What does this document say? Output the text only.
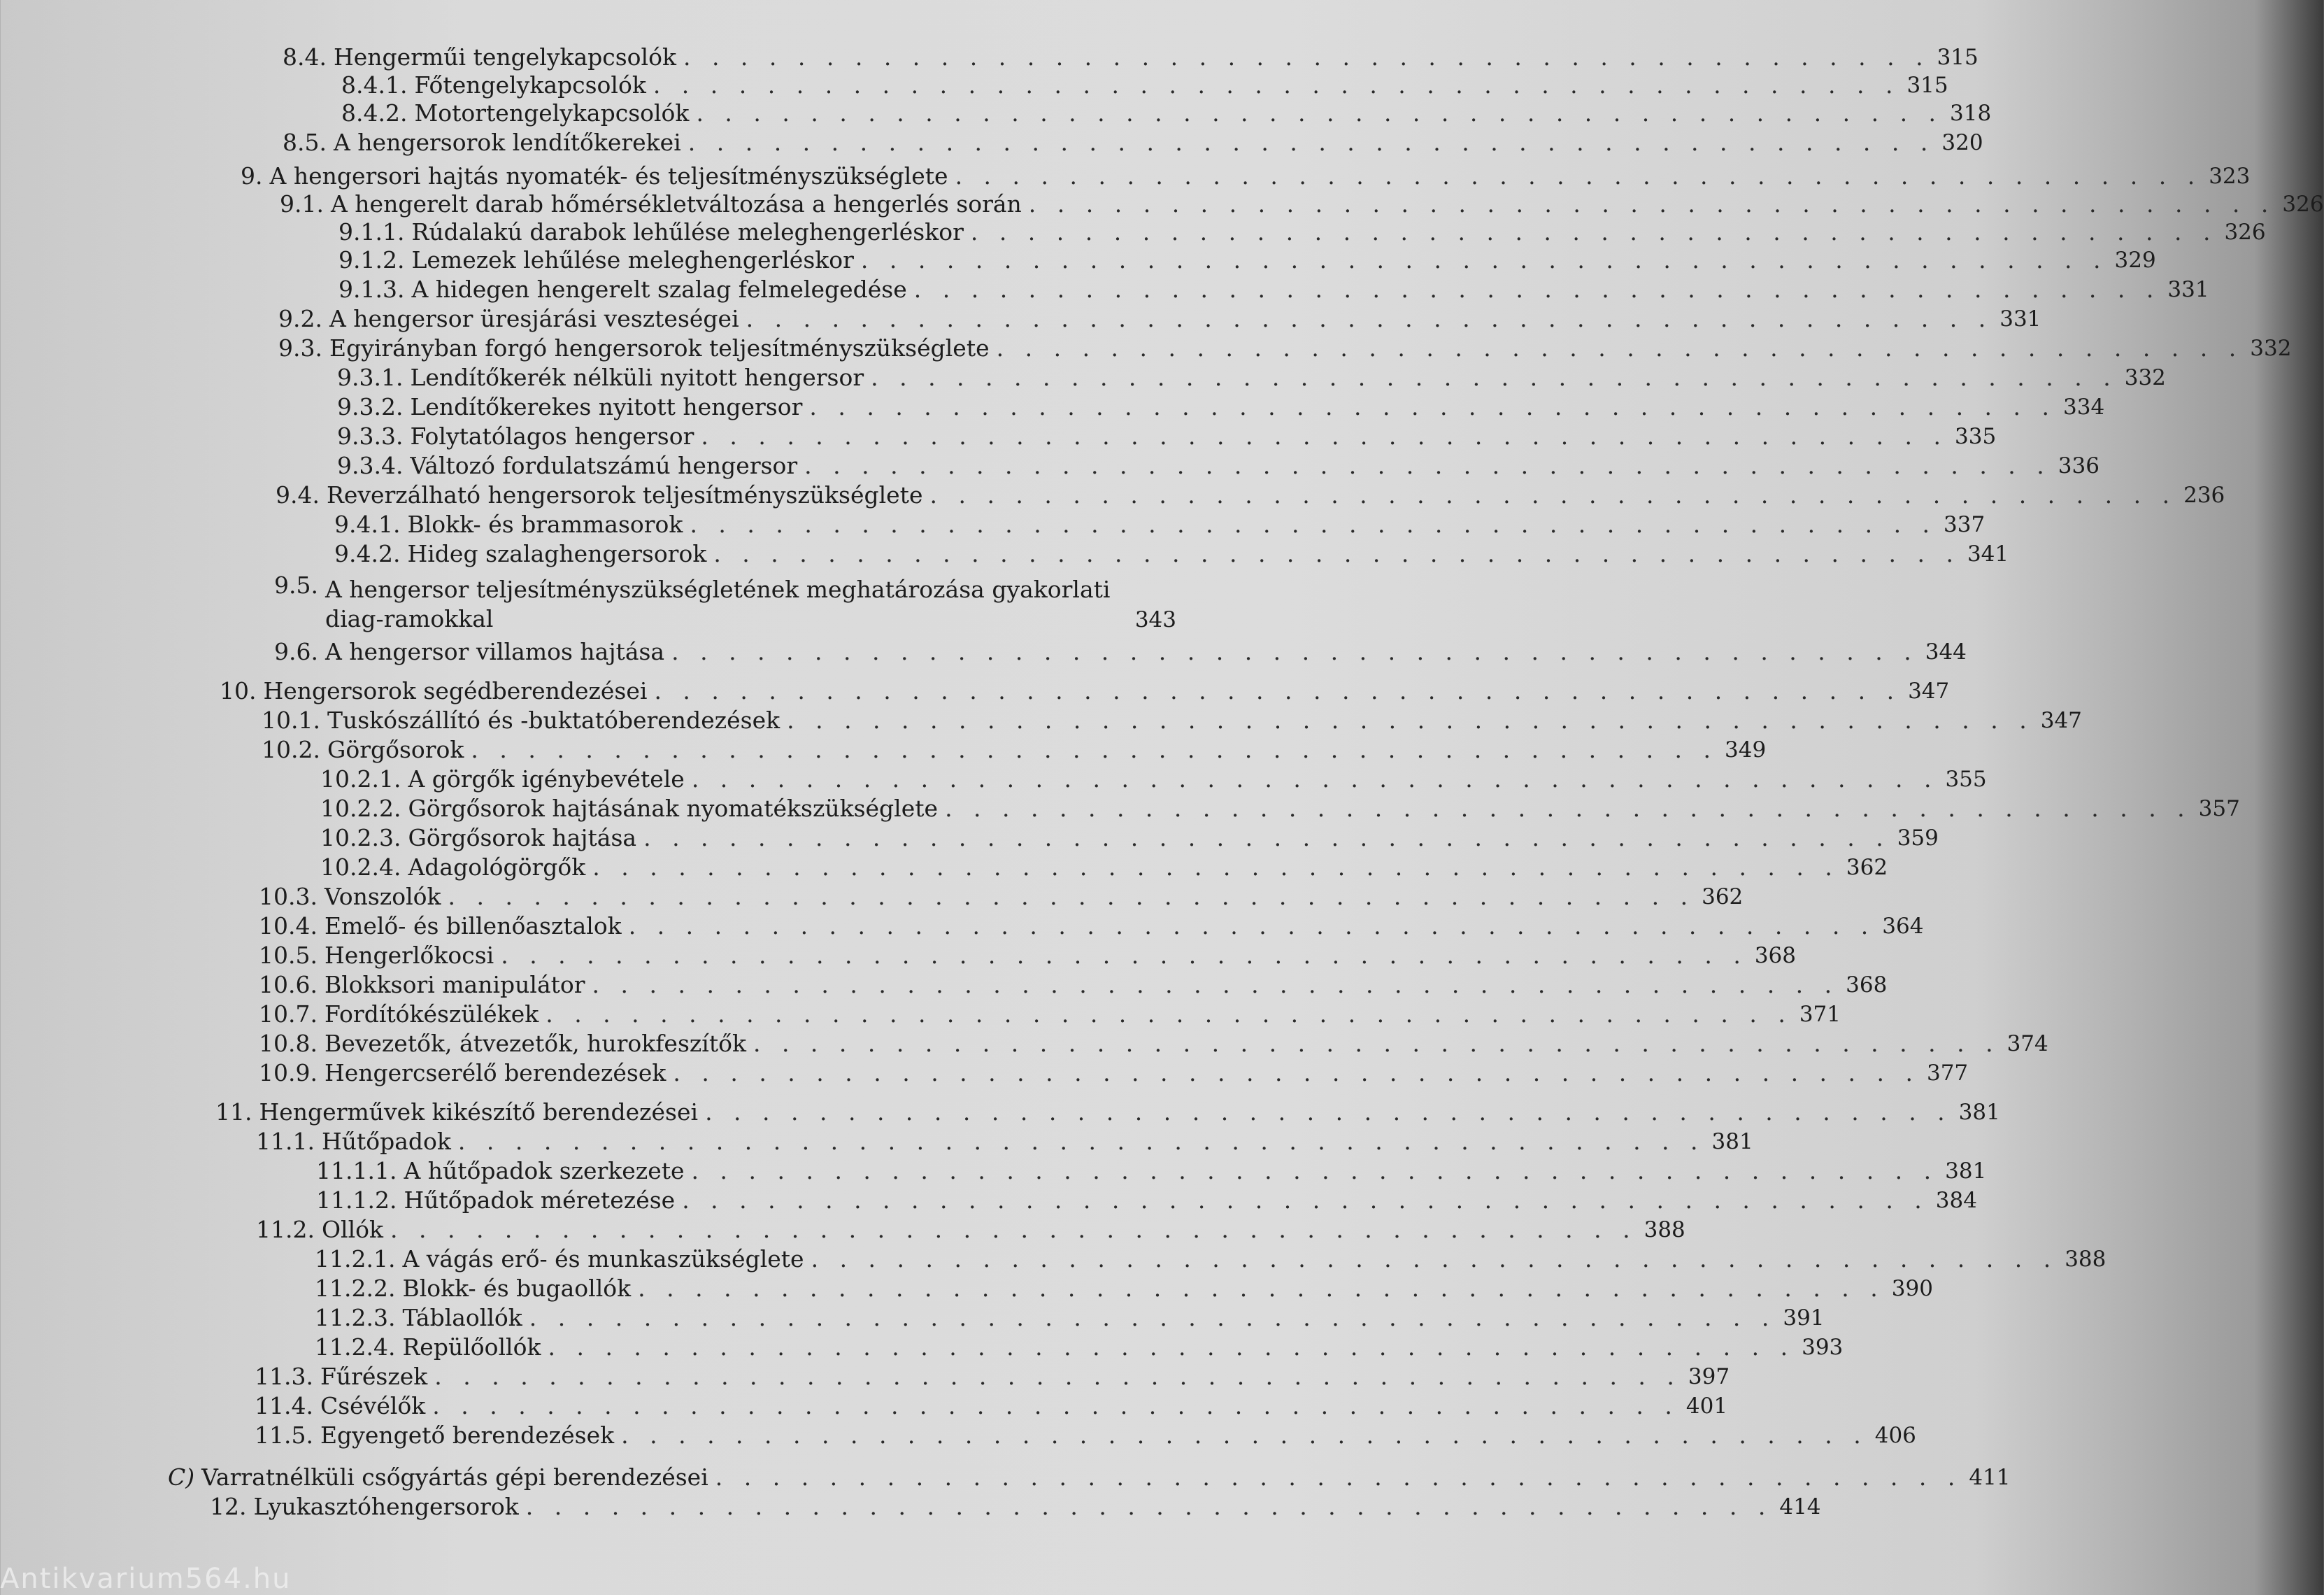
8.4. Hengerműi tengelykapcsolók . . . . . . . . . . . . . . . . . . . . . . . . . . . . . . . . . . . . . . . . . . . . 315
8.4.1. Főtengelykapcsolók . . . . . . . . . . . . . . . . . . . . . . . . . . . . . . . . . . . . . . . . . . . . 315
8.4.2. Motortengelykapcsolók . . . . . . . . . . . . . . . . . . . . . . . . . . . . . . . . . . . . . . . . . . . . 318
8.5. A hengersorok lendítőkerekei . . . . . . . . . . . . . . . . . . . . . . . . . . . . . . . . . . . . . . . . . . . . 320
9. A hengersori hajtás nyomaték- és teljesítményszükséglete . . . . . . . . . . . . . . . . . . . . . . . . . . . . . . . . . . . . . . . . . . . . 323
9.1. A hengerelt darab hőmérsékletváltozása a hengerlés során . . . . . . . . . . . . . . . . . . . . . . . . . . . . . . . . . . . . . . . . . . . . 326
9.1.1. Rúdalakú darabok lehűlése meleghengerléskor . . . . . . . . . . . . . . . . . . . . . . . . . . . . . . . . . . . . . . . . . . . . 326
9.1.2. Lemezek lehűlése meleghengerléskor . . . . . . . . . . . . . . . . . . . . . . . . . . . . . . . . . . . . . . . . . . . . 329
9.1.3. A hidegen hengerelt szalag felmelegedése . . . . . . . . . . . . . . . . . . . . . . . . . . . . . . . . . . . . . . . . . . . . 331
9.2. A hengersor üresjárási veszteségei . . . . . . . . . . . . . . . . . . . . . . . . . . . . . . . . . . . . . . . . . . . . 331
9.3. Egyirányban forgó hengersorok teljesítményszükséglete . . . . . . . . . . . . . . . . . . . . . . . . . . . . . . . . . . . . . . . . . . . . 332
9.3.1. Lendítőkerék nélküli nyitott hengersor . . . . . . . . . . . . . . . . . . . . . . . . . . . . . . . . . . . . . . . . . . . . 332
9.3.2. Lendítőkerekes nyitott hengersor . . . . . . . . . . . . . . . . . . . . . . . . . . . . . . . . . . . . . . . . . . . . 334
9.3.3. Folytatólagos hengersor . . . . . . . . . . . . . . . . . . . . . . . . . . . . . . . . . . . . . . . . . . . . 335
9.3.4. Változó fordulatszámú hengersor . . . . . . . . . . . . . . . . . . . . . . . . . . . . . . . . . . . . . . . . . . . . 336
9.4. Reverzálható hengersorok teljesítményszükséglete . . . . . . . . . . . . . . . . . . . . . . . . . . . . . . . . . . . . . . . . . . . . 236
9.4.1. Blokk- és brammasorok . . . . . . . . . . . . . . . . . . . . . . . . . . . . . . . . . . . . . . . . . . . . 337
9.4.2. Hideg szalaghengersorok . . . . . . . . . . . . . . . . . . . . . . . . . . . . . . . . . . . . . . . . . . . . 341
9.5. A hengersor teljesítményszükségletének meghatározása gyakorlati diag-ramokkal	343
9.6. A hengersor villamos hajtása . . . . . . . . . . . . . . . . . . . . . . . . . . . . . . . . . . . . . . . . . . . . 344
10. Hengersorok segédberendezései . . . . . . . . . . . . . . . . . . . . . . . . . . . . . . . . . . . . . . . . . . . . 347
10.1. Tuskószállító és -buktatóberendezések . . . . . . . . . . . . . . . . . . . . . . . . . . . . . . . . . . . . . . . . . . . . 347
10.2. Görgősorok . . . . . . . . . . . . . . . . . . . . . . . . . . . . . . . . . . . . . . . . . . . . 349
10.2.1. A görgők igénybevétele . . . . . . . . . . . . . . . . . . . . . . . . . . . . . . . . . . . . . . . . . . . . 355
10.2.2. Görgősorok hajtásának nyomatékszükséglete . . . . . . . . . . . . . . . . . . . . . . . . . . . . . . . . . . . . . . . . . . . . 357
10.2.3. Görgősorok hajtása . . . . . . . . . . . . . . . . . . . . . . . . . . . . . . . . . . . . . . . . . . . . 359
10.2.4. Adagológörgők . . . . . . . . . . . . . . . . . . . . . . . . . . . . . . . . . . . . . . . . . . . . 362
10.3. Vonszolók . . . . . . . . . . . . . . . . . . . . . . . . . . . . . . . . . . . . . . . . . . . . 362
10.4. Emelő- és billenőasztalok . . . . . . . . . . . . . . . . . . . . . . . . . . . . . . . . . . . . . . . . . . . . 364
10.5. Hengerlőkocsi . . . . . . . . . . . . . . . . . . . . . . . . . . . . . . . . . . . . . . . . . . . . 368
10.6. Blokksori manipulátor . . . . . . . . . . . . . . . . . . . . . . . . . . . . . . . . . . . . . . . . . . . . 368
10.7. Fordítókészülékek . . . . . . . . . . . . . . . . . . . . . . . . . . . . . . . . . . . . . . . . . . . . 371
10.8. Bevezetők, átvezetők, hurokfeszítők . . . . . . . . . . . . . . . . . . . . . . . . . . . . . . . . . . . . . . . . . . . . 374
10.9. Hengercserélő berendezések . . . . . . . . . . . . . . . . . . . . . . . . . . . . . . . . . . . . . . . . . . . . 377
11. Hengerművek kikészítő berendezései . . . . . . . . . . . . . . . . . . . . . . . . . . . . . . . . . . . . . . . . . . . . 381
11.1. Hűtőpadok . . . . . . . . . . . . . . . . . . . . . . . . . . . . . . . . . . . . . . . . . . . . 381
11.1.1. A hűtőpadok szerkezete . . . . . . . . . . . . . . . . . . . . . . . . . . . . . . . . . . . . . . . . . . . . 381
11.1.2. Hűtőpadok méretezése . . . . . . . . . . . . . . . . . . . . . . . . . . . . . . . . . . . . . . . . . . . . 384
11.2. Ollók . . . . . . . . . . . . . . . . . . . . . . . . . . . . . . . . . . . . . . . . . . . . 388
11.2.1. A vágás erő- és munkaszükséglete . . . . . . . . . . . . . . . . . . . . . . . . . . . . . . . . . . . . . . . . . . . . 388
11.2.2. Blokk- és bugaollók . . . . . . . . . . . . . . . . . . . . . . . . . . . . . . . . . . . . . . . . . . . . 390
11.2.3. Táblaollók . . . . . . . . . . . . . . . . . . . . . . . . . . . . . . . . . . . . . . . . . . . . 391
11.2.4. Repülőollók . . . . . . . . . . . . . . . . . . . . . . . . . . . . . . . . . . . . . . . . . . . . 393
11.3. Fűrészek . . . . . . . . . . . . . . . . . . . . . . . . . . . . . . . . . . . . . . . . . . . . 397
11.4. Csévélők . . . . . . . . . . . . . . . . . . . . . . . . . . . . . . . . . . . . . . . . . . . . 401
11.5. Egyengető berendezések . . . . . . . . . . . . . . . . . . . . . . . . . . . . . . . . . . . . . . . . . . . . 406
C) Varratnélküli csőgyártás gépi berendezései . . . . . . . . . . . . . . . . . . . . . . . . . . . . . . . . . . . . . . . . . . . . 411
12. Lyukasztóhengersorok . . . . . . . . . . . . . . . . . . . . . . . . . . . . . . . . . . . . . . . . . . . . 414
Antikvarium564.hu
